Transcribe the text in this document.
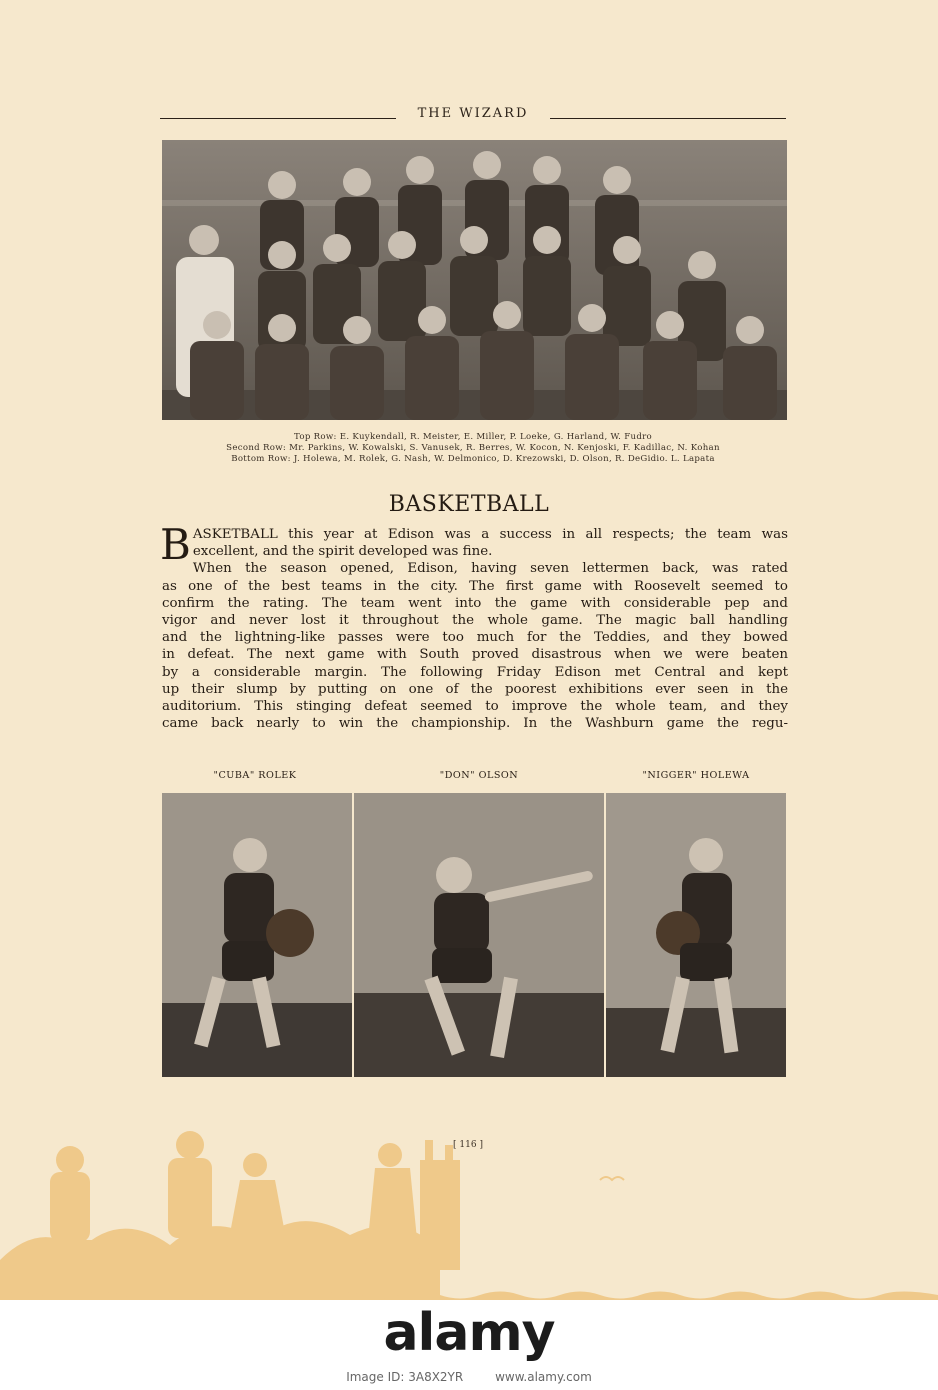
THE WIZARD
Top Row: E. Kuykendall, R. Meister, E. Miller, P. Loeke, G. Harland, W. Fudro
Second Row: Mr. Parkins, W. Kowalski, S. Vanusek, R. Berres, W. Kocon, N. Kenjoski, F. Kadillac, N. Kohan
Bottom Row: J. Holewa, M. Rolek, G. Nash, W. Delmonico, D. Krezowski, D. Olson, R. DeGidio. L. Lapata
BASKETBALL
B ASKETBALL this year at Edison was a success in all respects; the team was
excellent, and the spirit developed was fine.
When the season opened, Edison, having seven lettermen back, was rated
as one of the best teams in the city. The first game with Roosevelt seemed to
confirm the rating. The team went into the game with considerable pep and
vigor and never lost it throughout the whole game. The magic ball handling
and the lightning-like passes were too much for the Teddies, and they bowed
in defeat. The next game with South proved disastrous when we were beaten
by a considerable margin. The following Friday Edison met Central and kept
up their slump by putting on one of the poorest exhibitions ever seen in the
auditorium. This stinging defeat seemed to improve the whole team, and they
came back nearly to win the championship. In the Washburn game the regu-
"CUBA" ROLEK	"DON" OLSON	"NIGGER" HOLEWA
[ 116 ]
alamy
Image ID: 3A8X2YR	www.alamy.com
